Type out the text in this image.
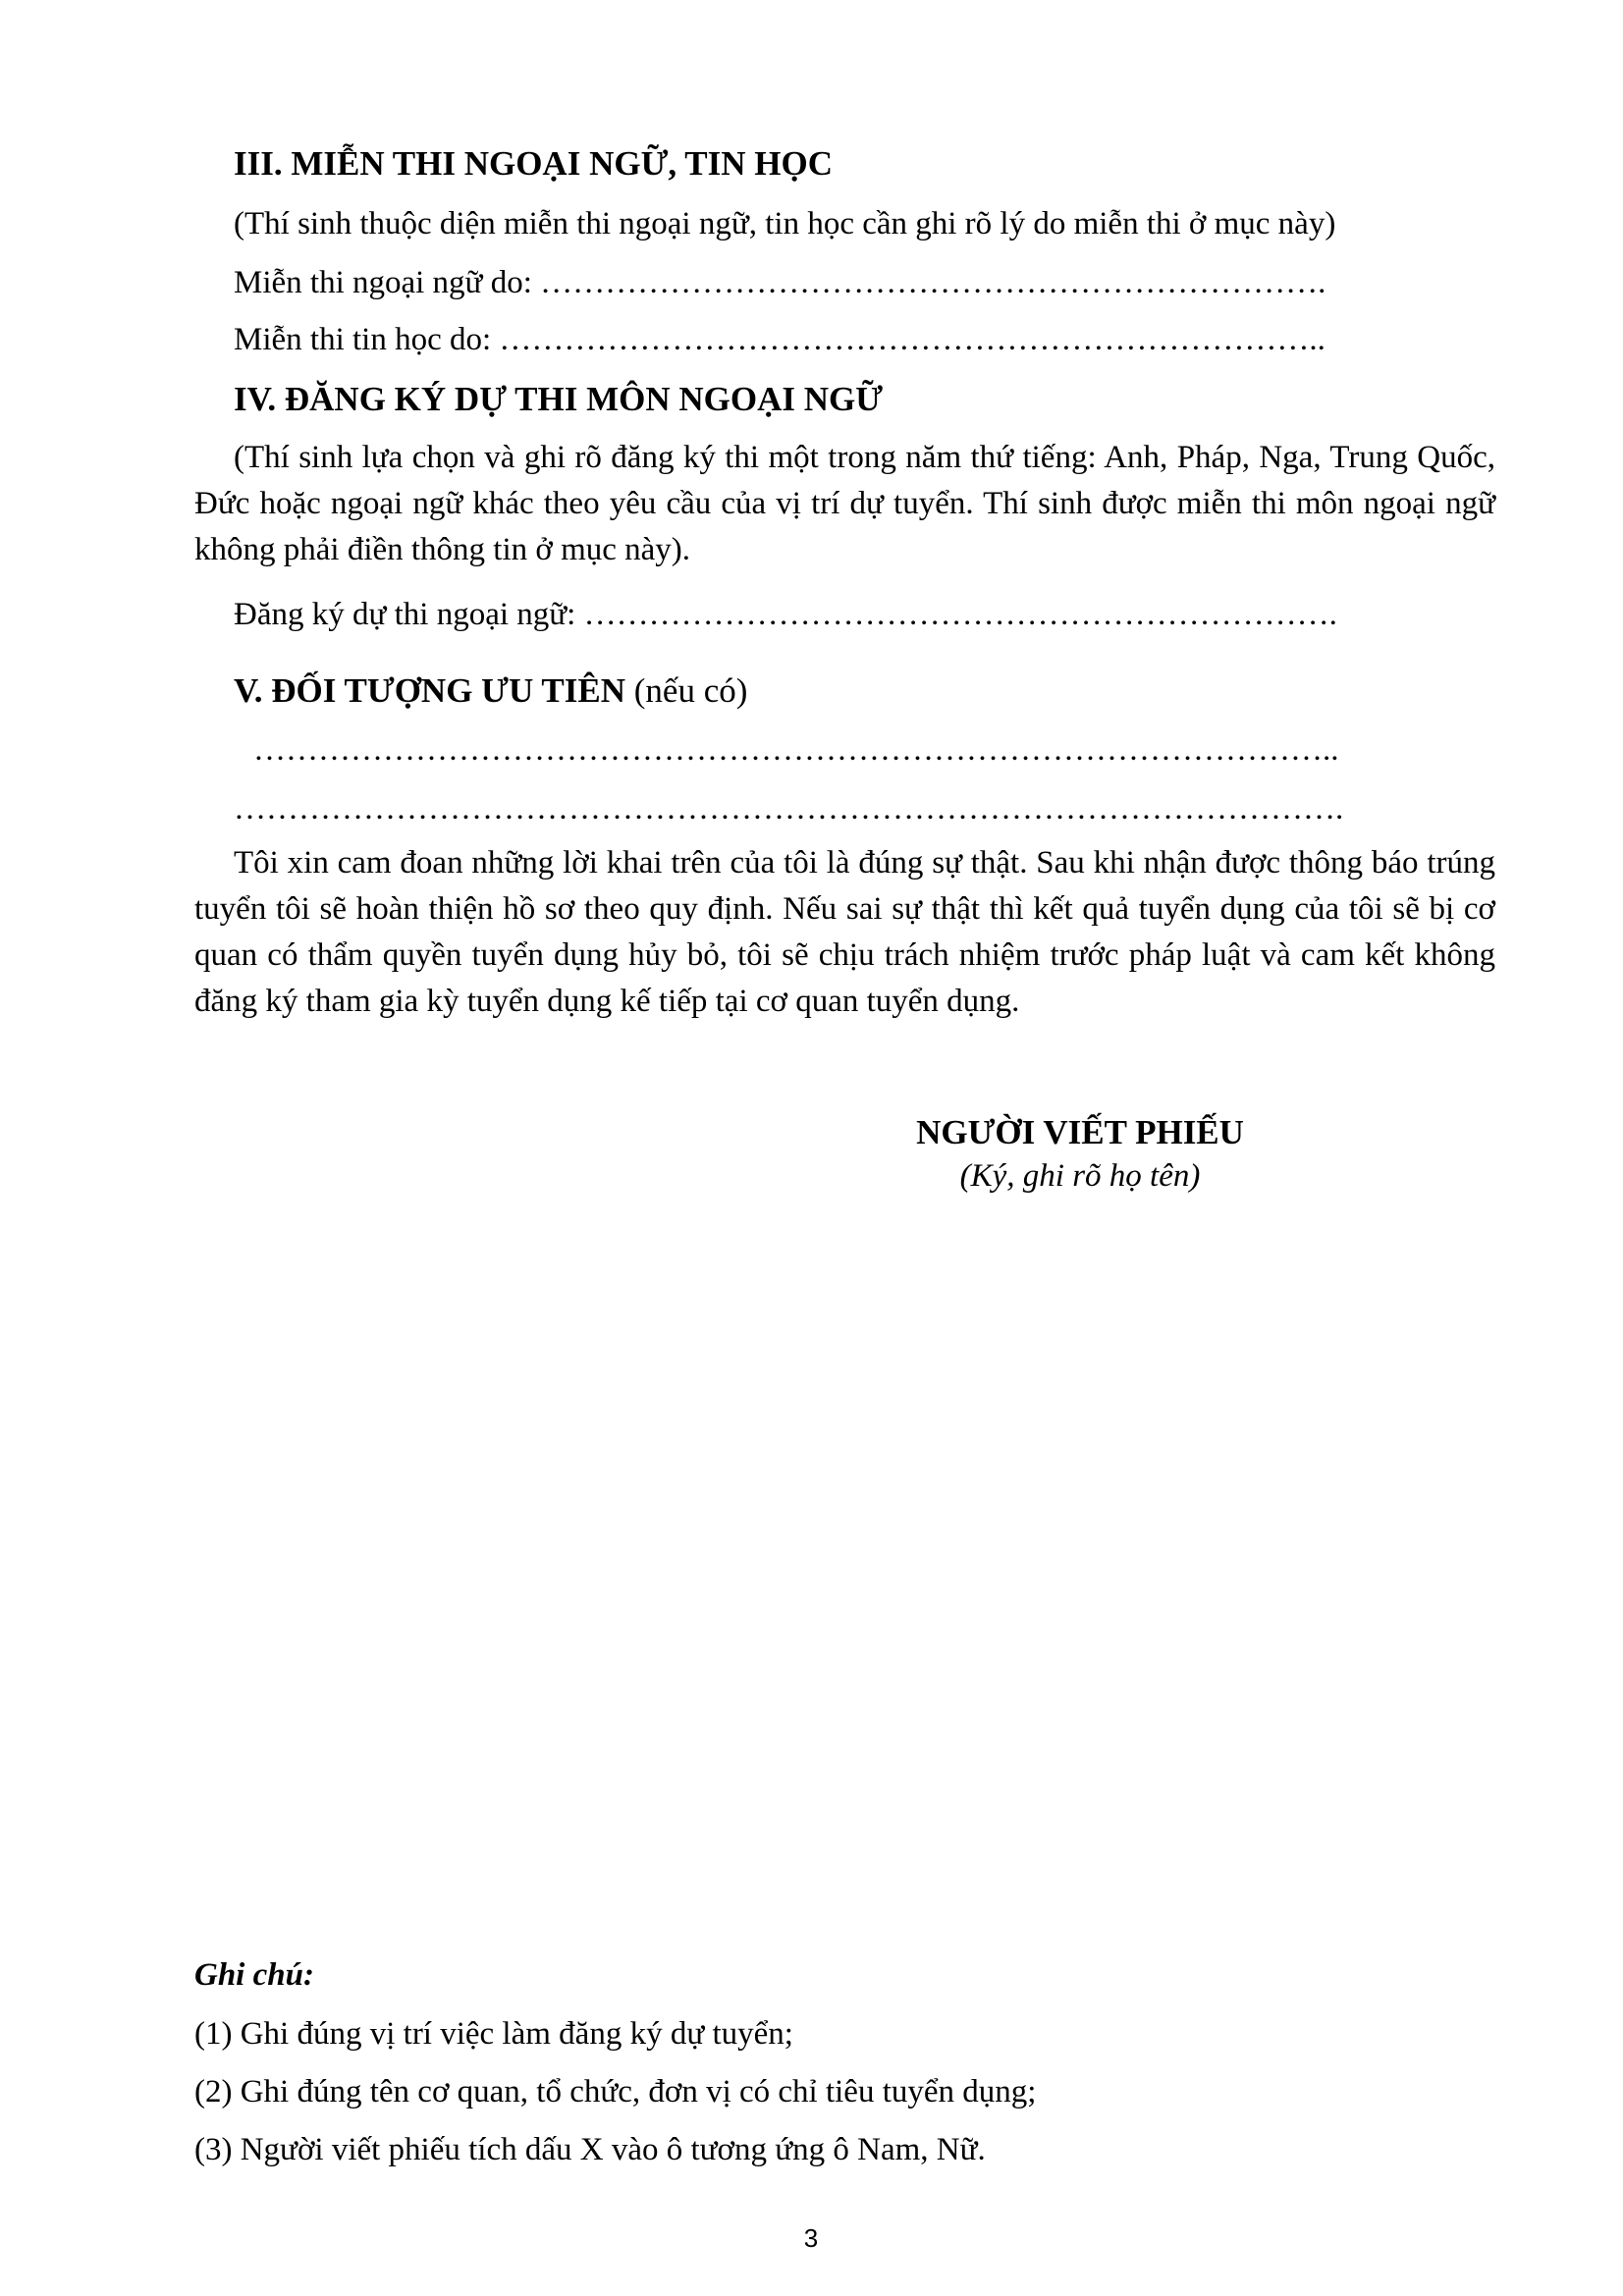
III. MIỄN THI NGOẠI NGỮ, TIN HỌC
(Thí sinh thuộc diện miễn thi ngoại ngữ, tin học cần ghi rõ lý do miễn thi ở mục này)
Miễn thi ngoại ngữ do: ……………………………………………………………….
Miễn thi tin học do: …………………………………………………………………..
IV. ĐĂNG KÝ DỰ THI MÔN NGOẠI NGỮ
(Thí sinh lựa chọn và ghi rõ đăng ký thi một trong năm thứ tiếng: Anh, Pháp, Nga, Trung Quốc, Đức hoặc ngoại ngữ khác theo yêu cầu của vị trí dự tuyển. Thí sinh được miễn thi môn ngoại ngữ không phải điền thông tin ở mục này).
Đăng ký dự thi ngoại ngữ: …………………………………………………………….
V. ĐỐI TƯỢNG ƯU TIÊN (nếu có)
………………………………………………………………………………………..
………………………………………………………………………………………….
Tôi xin cam đoan những lời khai trên của tôi là đúng sự thật. Sau khi nhận được thông báo trúng tuyển tôi sẽ hoàn thiện hồ sơ theo quy định. Nếu sai sự thật thì kết quả tuyển dụng của tôi sẽ bị cơ quan có thẩm quyền tuyển dụng hủy bỏ, tôi sẽ chịu trách nhiệm trước pháp luật và cam kết không đăng ký tham gia kỳ tuyển dụng kế tiếp tại cơ quan tuyển dụng.
NGƯỜI VIẾT PHIẾU
(Ký, ghi rõ họ tên)
Ghi chú:
(1) Ghi đúng vị trí việc làm đăng ký dự tuyển;
(2) Ghi đúng tên cơ quan, tổ chức, đơn vị có chỉ tiêu tuyển dụng;
(3) Người viết phiếu tích dấu X vào ô tương ứng ô Nam, Nữ.
3
